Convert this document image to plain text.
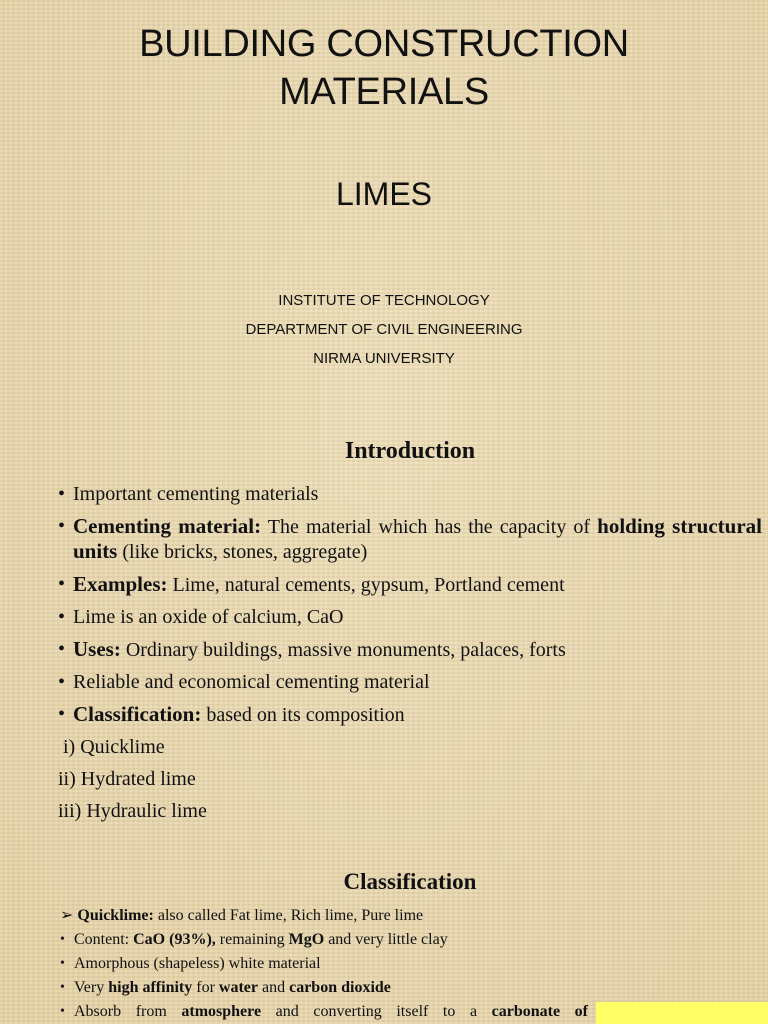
BUILDING CONSTRUCTION
MATERIALS
LIMES
INSTITUTE OF TECHNOLOGY
DEPARTMENT OF CIVIL ENGINEERING
NIRMA UNIVERSITY
Introduction
• Important cementing materials
• Cementing material: The material which has the capacity of holding structural units (like bricks, stones, aggregate)
• Examples: Lime, natural cements, gypsum, Portland cement
• Lime is an oxide of calcium, CaO
• Uses: Ordinary buildings, massive monuments, palaces, forts
• Reliable and economical cementing material
• Classification: based on its composition
i) Quicklime
ii) Hydrated lime
iii) Hydraulic lime
Classification
➢ Quicklime: also called Fat lime, Rich lime, Pure lime
• Content: CaO (93%), remaining MgO and very little clay
• Amorphous (shapeless) white material
• Very high affinity for water and carbon dioxide
• Absorb from atmosphere and converting itself to a carbonate of
